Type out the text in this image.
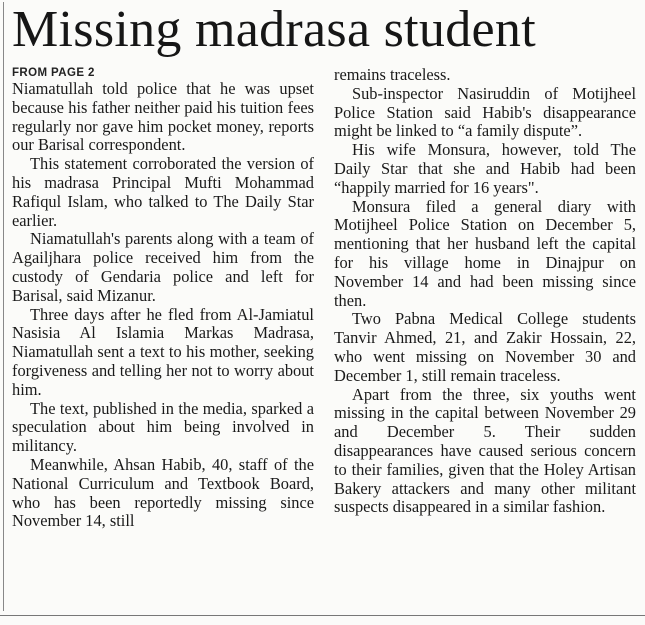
Missing madrasa student
FROM PAGE 2

Niamatullah told police that he was upset because his father neither paid his tuition fees regularly nor gave him pocket money, reports our Barisal correspondent.

This statement corroborated the version of his madrasa Principal Mufti Mohammad Rafiqul Islam, who talked to The Daily Star earlier.

Niamatullah's parents along with a team of Agailjhara police received him from the custody of Gendaria police and left for Barisal, said Mizanur.

Three days after he fled from Al-Jamiatul Nasisia Al Islamia Markas Madrasa, Niamatullah sent a text to his mother, seeking forgiveness and telling her not to worry about him.

The text, published in the media, sparked a speculation about him being involved in militancy.

Meanwhile, Ahsan Habib, 40, staff of the National Curriculum and Textbook Board, who has been reportedly missing since November 14, still

remains traceless.

Sub-inspector Nasiruddin of Motijheel Police Station said Habib's disappearance might be linked to “a family dispute”.

His wife Monsura, however, told The Daily Star that she and Habib had been “happily married for 16 years".

Monsura filed a general diary with Motijheel Police Station on December 5, mentioning that her husband left the capital for his village home in Dinajpur on November 14 and had been missing since then.

Two Pabna Medical College students Tanvir Ahmed, 21, and Zakir Hossain, 22, who went missing on November 30 and December 1, still remain traceless.

Apart from the three, six youths went missing in the capital between November 29 and December 5. Their sudden disappearances have caused serious concern to their families, given that the Holey Artisan Bakery attackers and many other militant suspects disappeared in a similar fashion.
